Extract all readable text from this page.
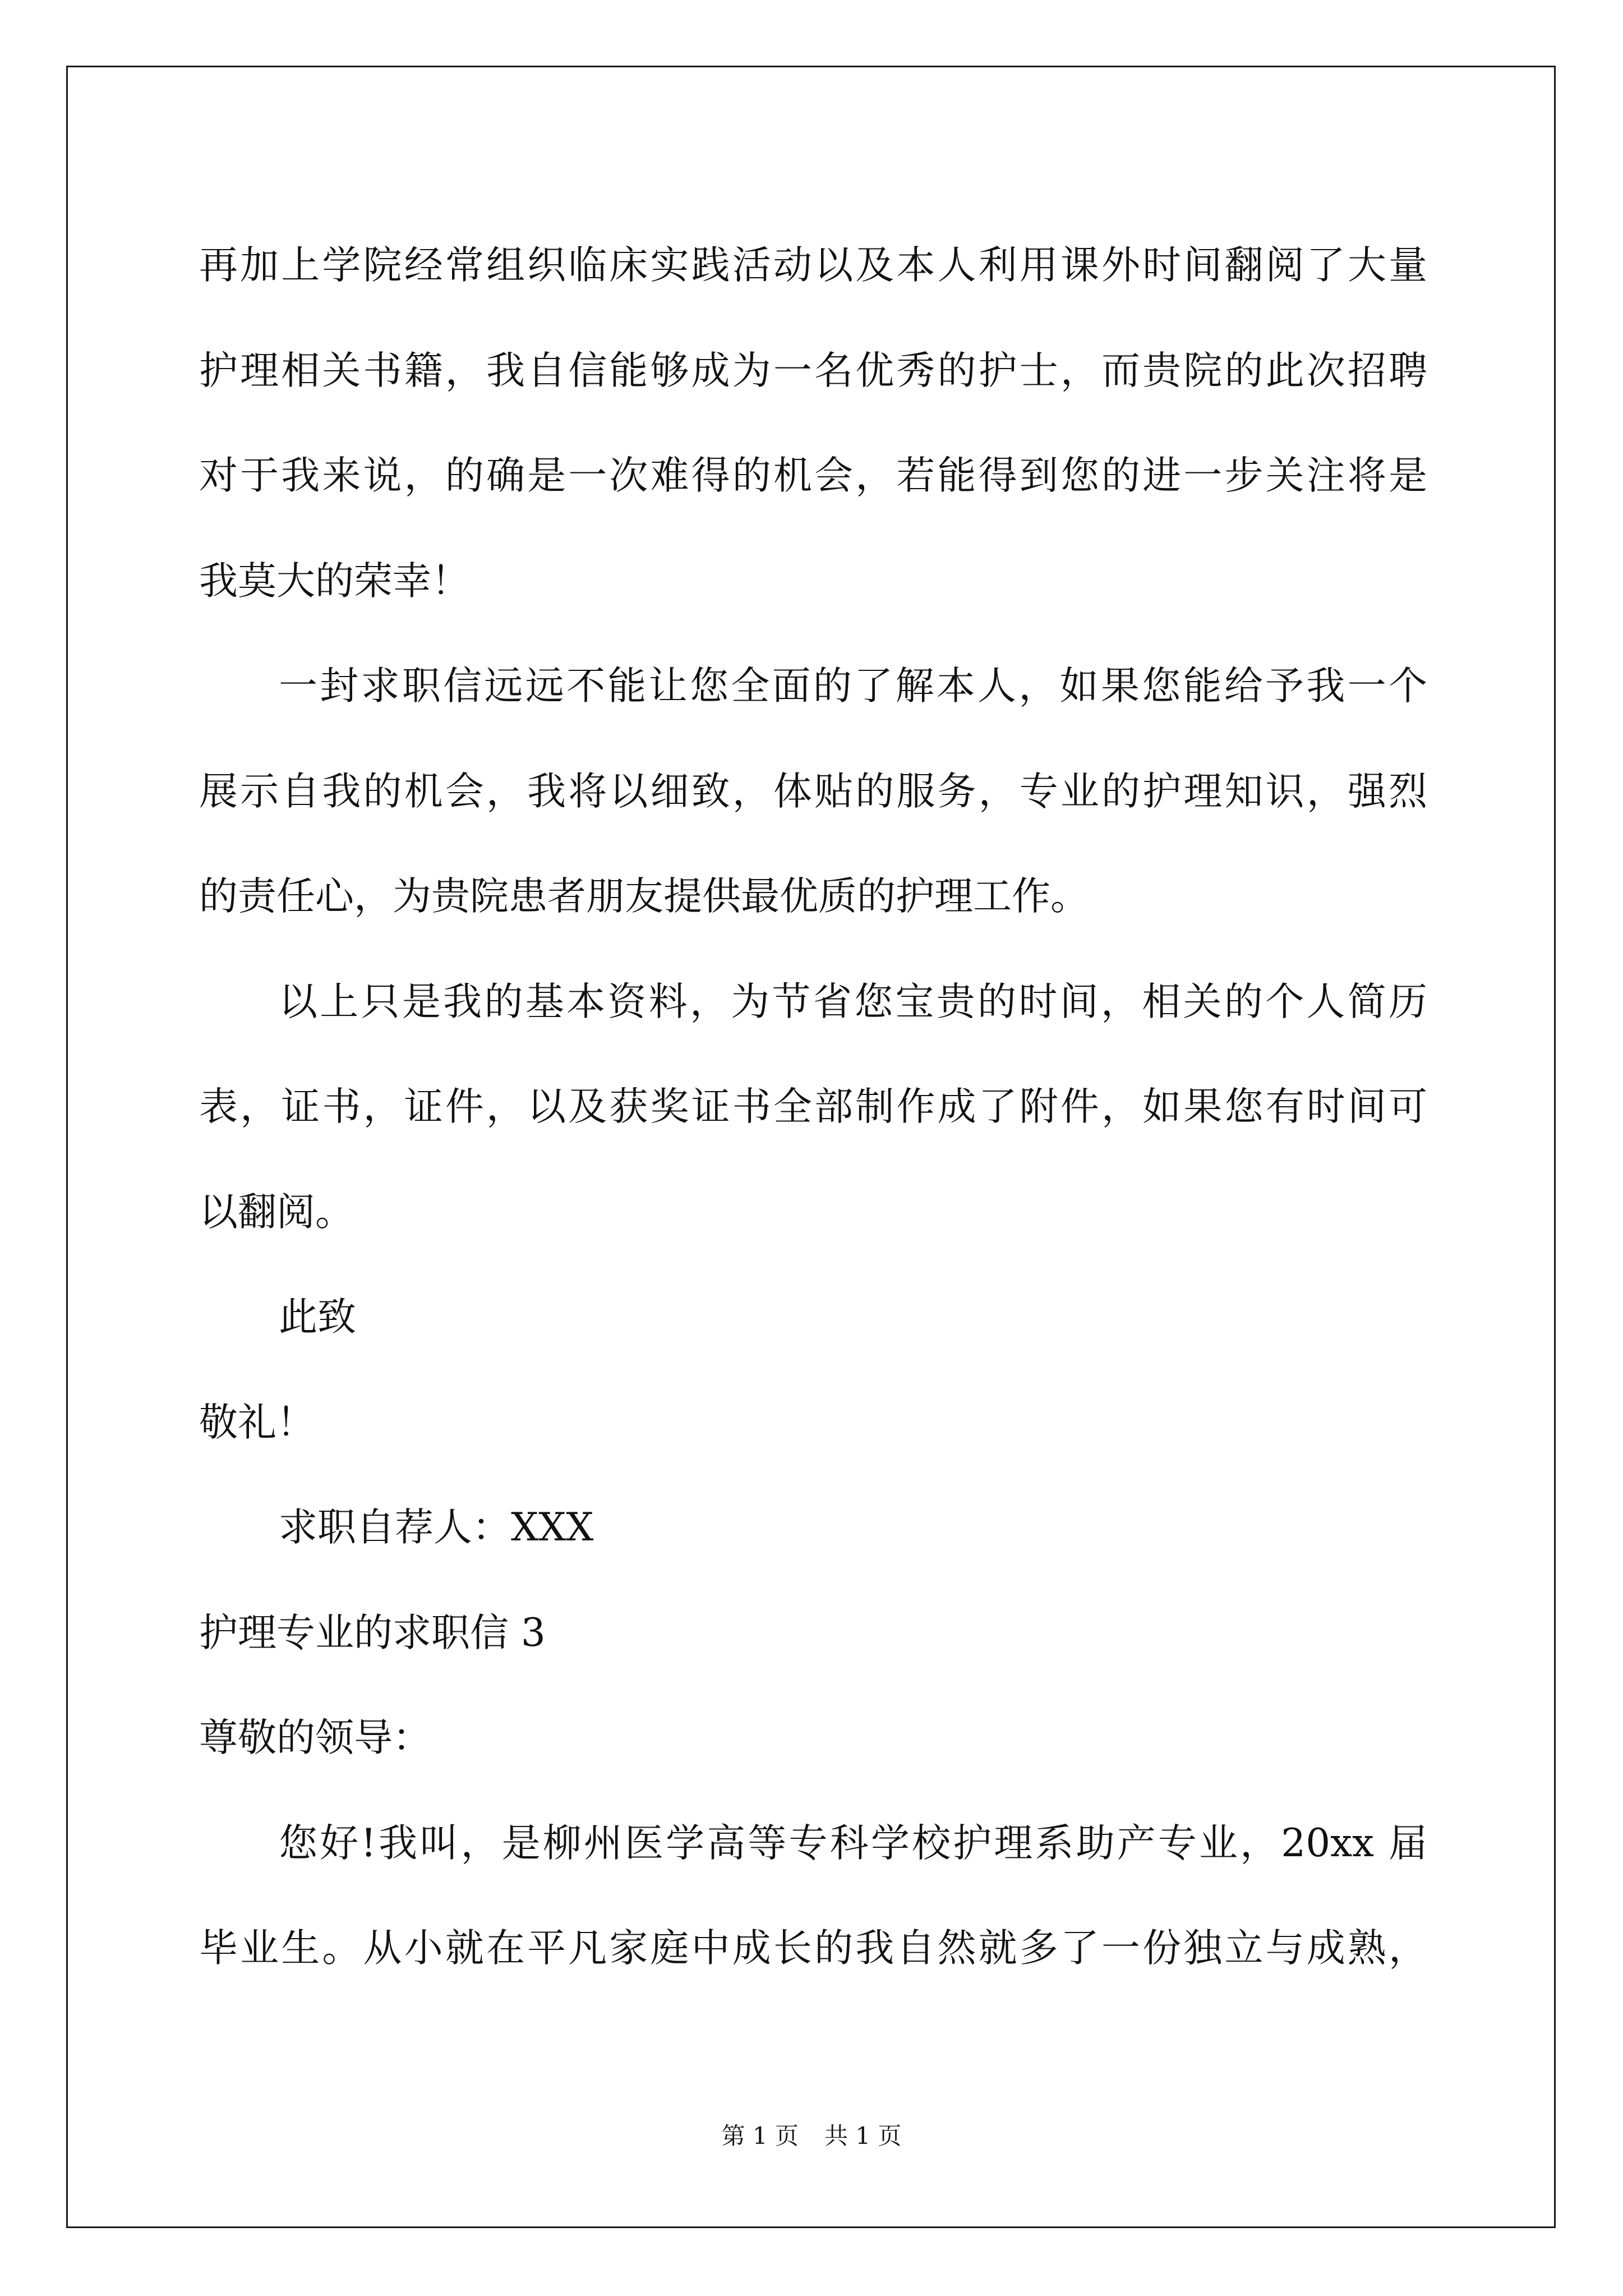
再加上学院经常组织临床实践活动以及本人利用课外时间翻阅了大量
护理相关书籍，我自信能够成为一名优秀的护士，而贵院的此次招聘
对于我来说，的确是一次难得的机会，若能得到您的进一步关注将是
我莫大的荣幸！
一封求职信远远不能让您全面的了解本人，如果您能给予我一个
展示自我的机会，我将以细致，体贴的服务，专业的护理知识，强烈
的责任心，为贵院患者朋友提供最优质的护理工作。
以上只是我的基本资料，为节省您宝贵的时间，相关的个人简历
表，证书，证件，以及获奖证书全部制作成了附件，如果您有时间可
以翻阅。
此致
敬礼！
求职自荐人：XXX
护理专业的求职信 3
尊敬的领导：
您好!我叫，是柳州医学高等专科学校护理系助产专业，20xx 届
毕业生。从小就在平凡家庭中成长的我自然就多了一份独立与成熟，
第 1 页 共 1 页
